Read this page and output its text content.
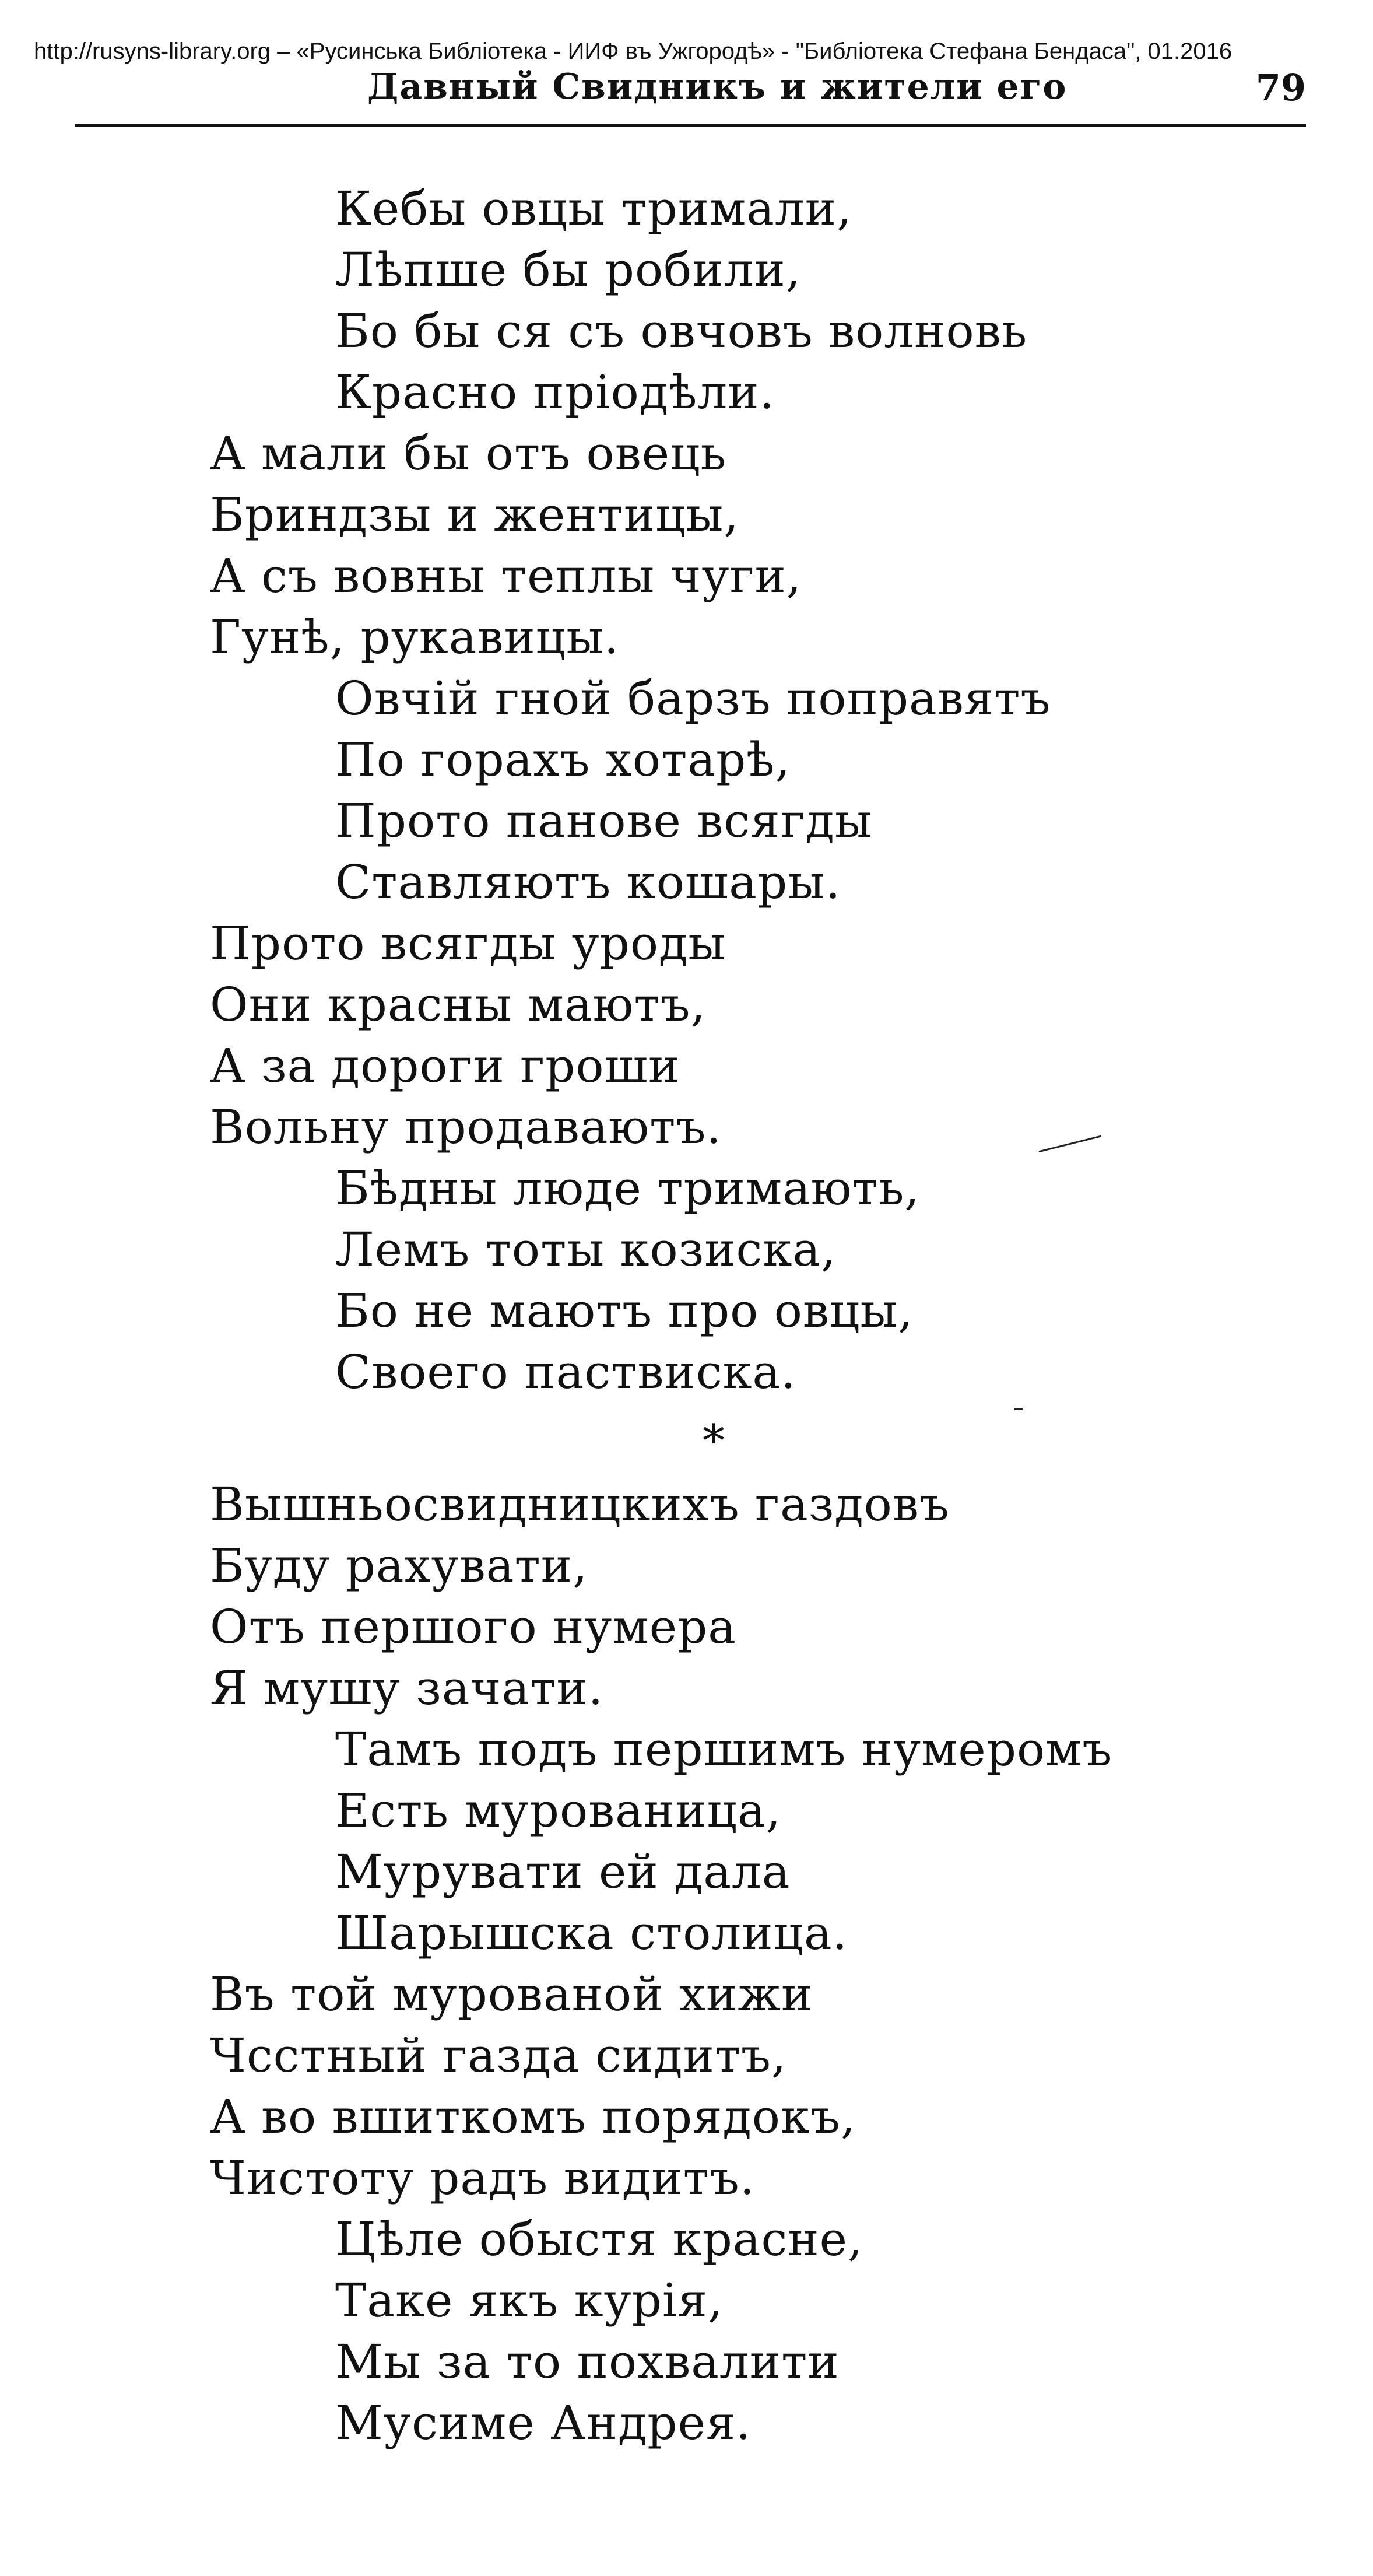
http://rusyns-library.org – «Русинська Библіотека - ИИФ въ Ужгородѣ» - "Библіотека Стефана Бендаса", 01.2016
Давный Свидникъ и жители его	79
Кебы овцы тримали,
Лѣпше бы робили,
Бо бы ся съ овчовъ волновь
Красно пріодѣли.
А мали бы отъ овець
Бриндзы и жентицы,
А съ вовны теплы чуги,
Гунѣ, рукавицы.
Овчій гной барзъ поправятъ
По горахъ хотарѣ,
Прото панове всягды
Ставляютъ кошары.
Прото всягды уроды
Они красны маютъ,
А за дороги гроши
Вольну продаваютъ.
Бѣдны люде тримають,
Лемъ тоты козиска,
Бо не маютъ про овцы,
Своего паствиска.
*
Вышньосвидницкихъ газдовъ
Буду рахувати,
Отъ першого нумера
Я мушу зачати.
Тамъ подъ першимъ нумеромъ
Есть мурованица,
Мурувати ей дала
Шарышска столица.
Въ той мурованой хижи
Чсстный газда сидитъ,
А во вшиткомъ порядокъ,
Чистоту радъ видитъ.
Цѣле обыстя красне,
Таке якъ курія,
Мы за то похвалити
Мусиме Андрея.
